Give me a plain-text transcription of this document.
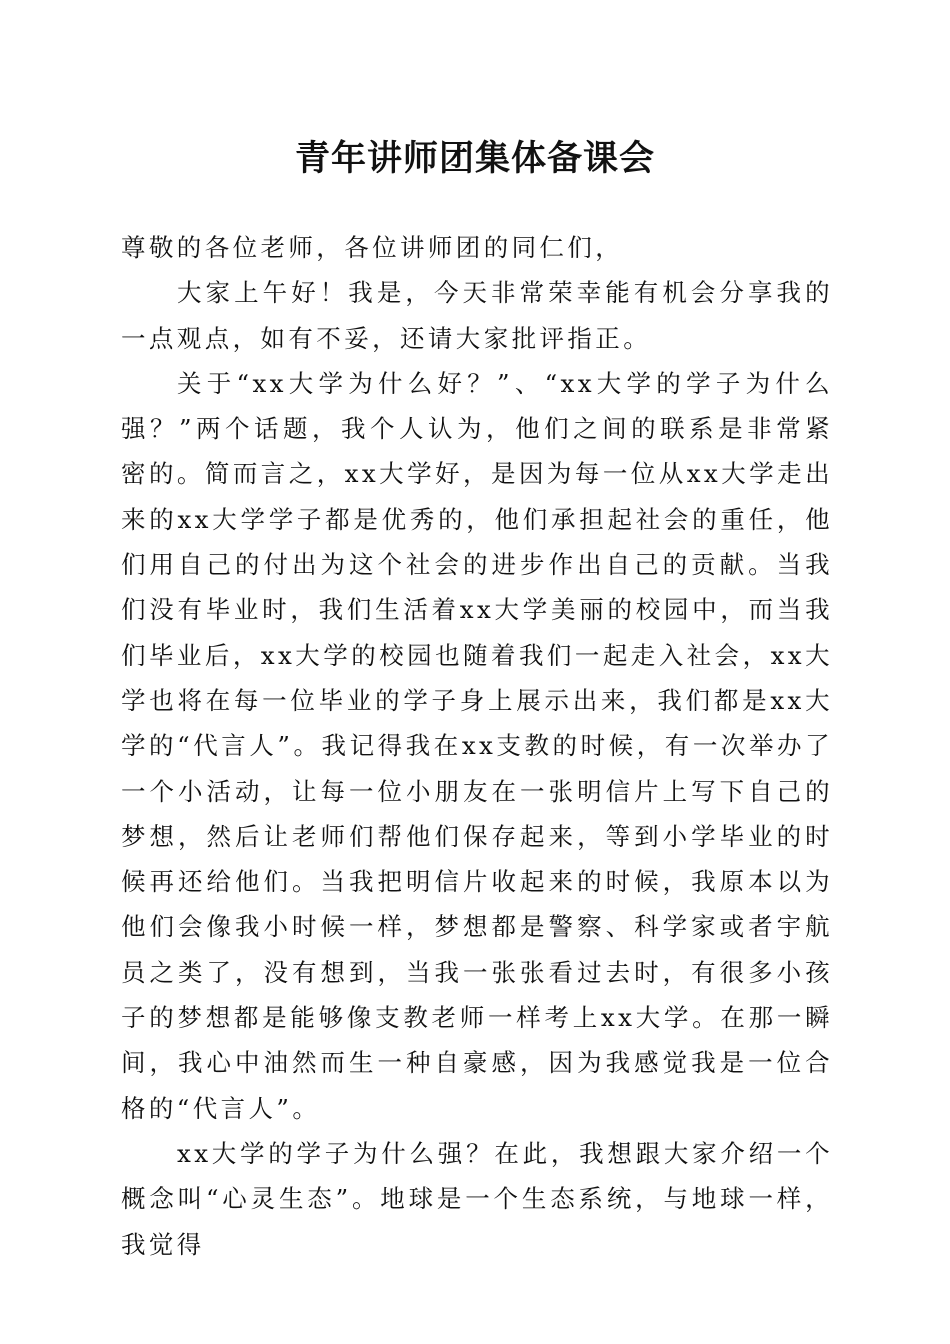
青年讲师团集体备课会

尊敬的各位老师，各位讲师团的同仁们，

大家上午好！我是，今天非常荣幸能有机会分享我的一点观点，如有不妥，还请大家批评指正。

关于“xx大学为什么好？”、“xx大学的学子为什么强？”两个话题，我个人认为，他们之间的联系是非常紧密的。简而言之，xx大学好，是因为每一位从xx大学走出来的xx大学学子都是优秀的，他们承担起社会的重任，他们用自己的付出为这个社会的进步作出自己的贡献。当我们没有毕业时，我们生活着xx大学美丽的校园中，而当我们毕业后，xx大学的校园也随着我们一起走入社会，xx大学也将在每一位毕业的学子身上展示出来，我们都是xx大学的“代言人”。我记得我在xx支教的时候，有一次举办了一个小活动，让每一位小朋友在一张明信片上写下自己的梦想，然后让老师们帮他们保存起来，等到小学毕业的时候再还给他们。当我把明信片收起来的时候，我原本以为他们会像我小时候一样，梦想都是警察、科学家或者宇航员之类了，没有想到，当我一张张看过去时，有很多小孩子的梦想都是能够像支教老师一样考上xx大学。在那一瞬间，我心中油然而生一种自豪感，因为我感觉我是一位合格的“代言人”。

xx大学的学子为什么强？在此，我想跟大家介绍一个概念叫“心灵生态”。地球是一个生态系统，与地球一样，我觉得
